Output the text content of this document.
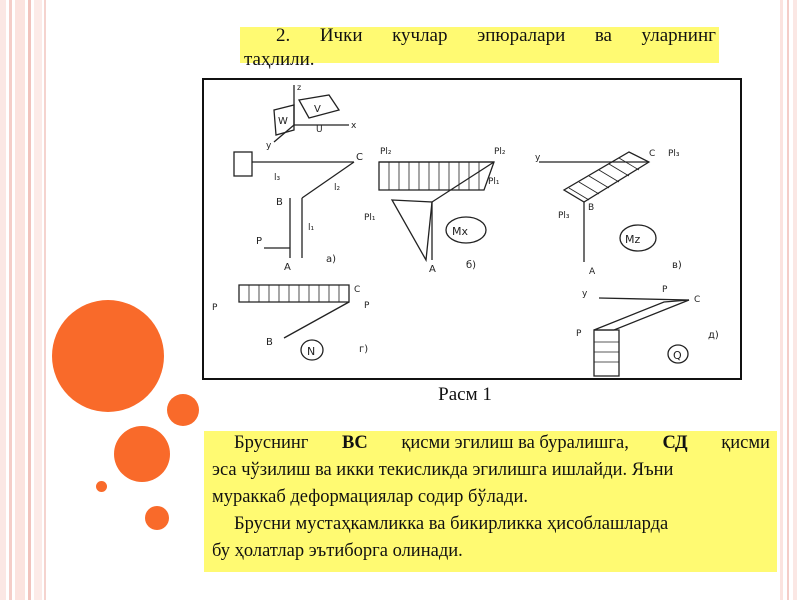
2. Ички кучлар эпюралари ва уларнинг
таҳлили.
z
x
y
W
V
U
P
A
B
C
l₃
l₂
l₁
a)
Pl₂	Pl₂
Pl₁
Pl₁
Mx
A	б)
y	C Pl₃
Pl₃
B
Mz
A
в)
P	P
C
B
N	г)
y	P
C
P
Q
д)
Расм 1
Бруснинг BC қисми эгилиш ва буралишга, СД қисми
эса чўзилиш ва икки текисликда эгилишга ишлайди. Яъни
мураккаб деформациялар содир бўлади.
Брусни мустаҳкамликка ва бикирликка ҳисоблашларда
бу ҳолатлар эътиборга олинади.
